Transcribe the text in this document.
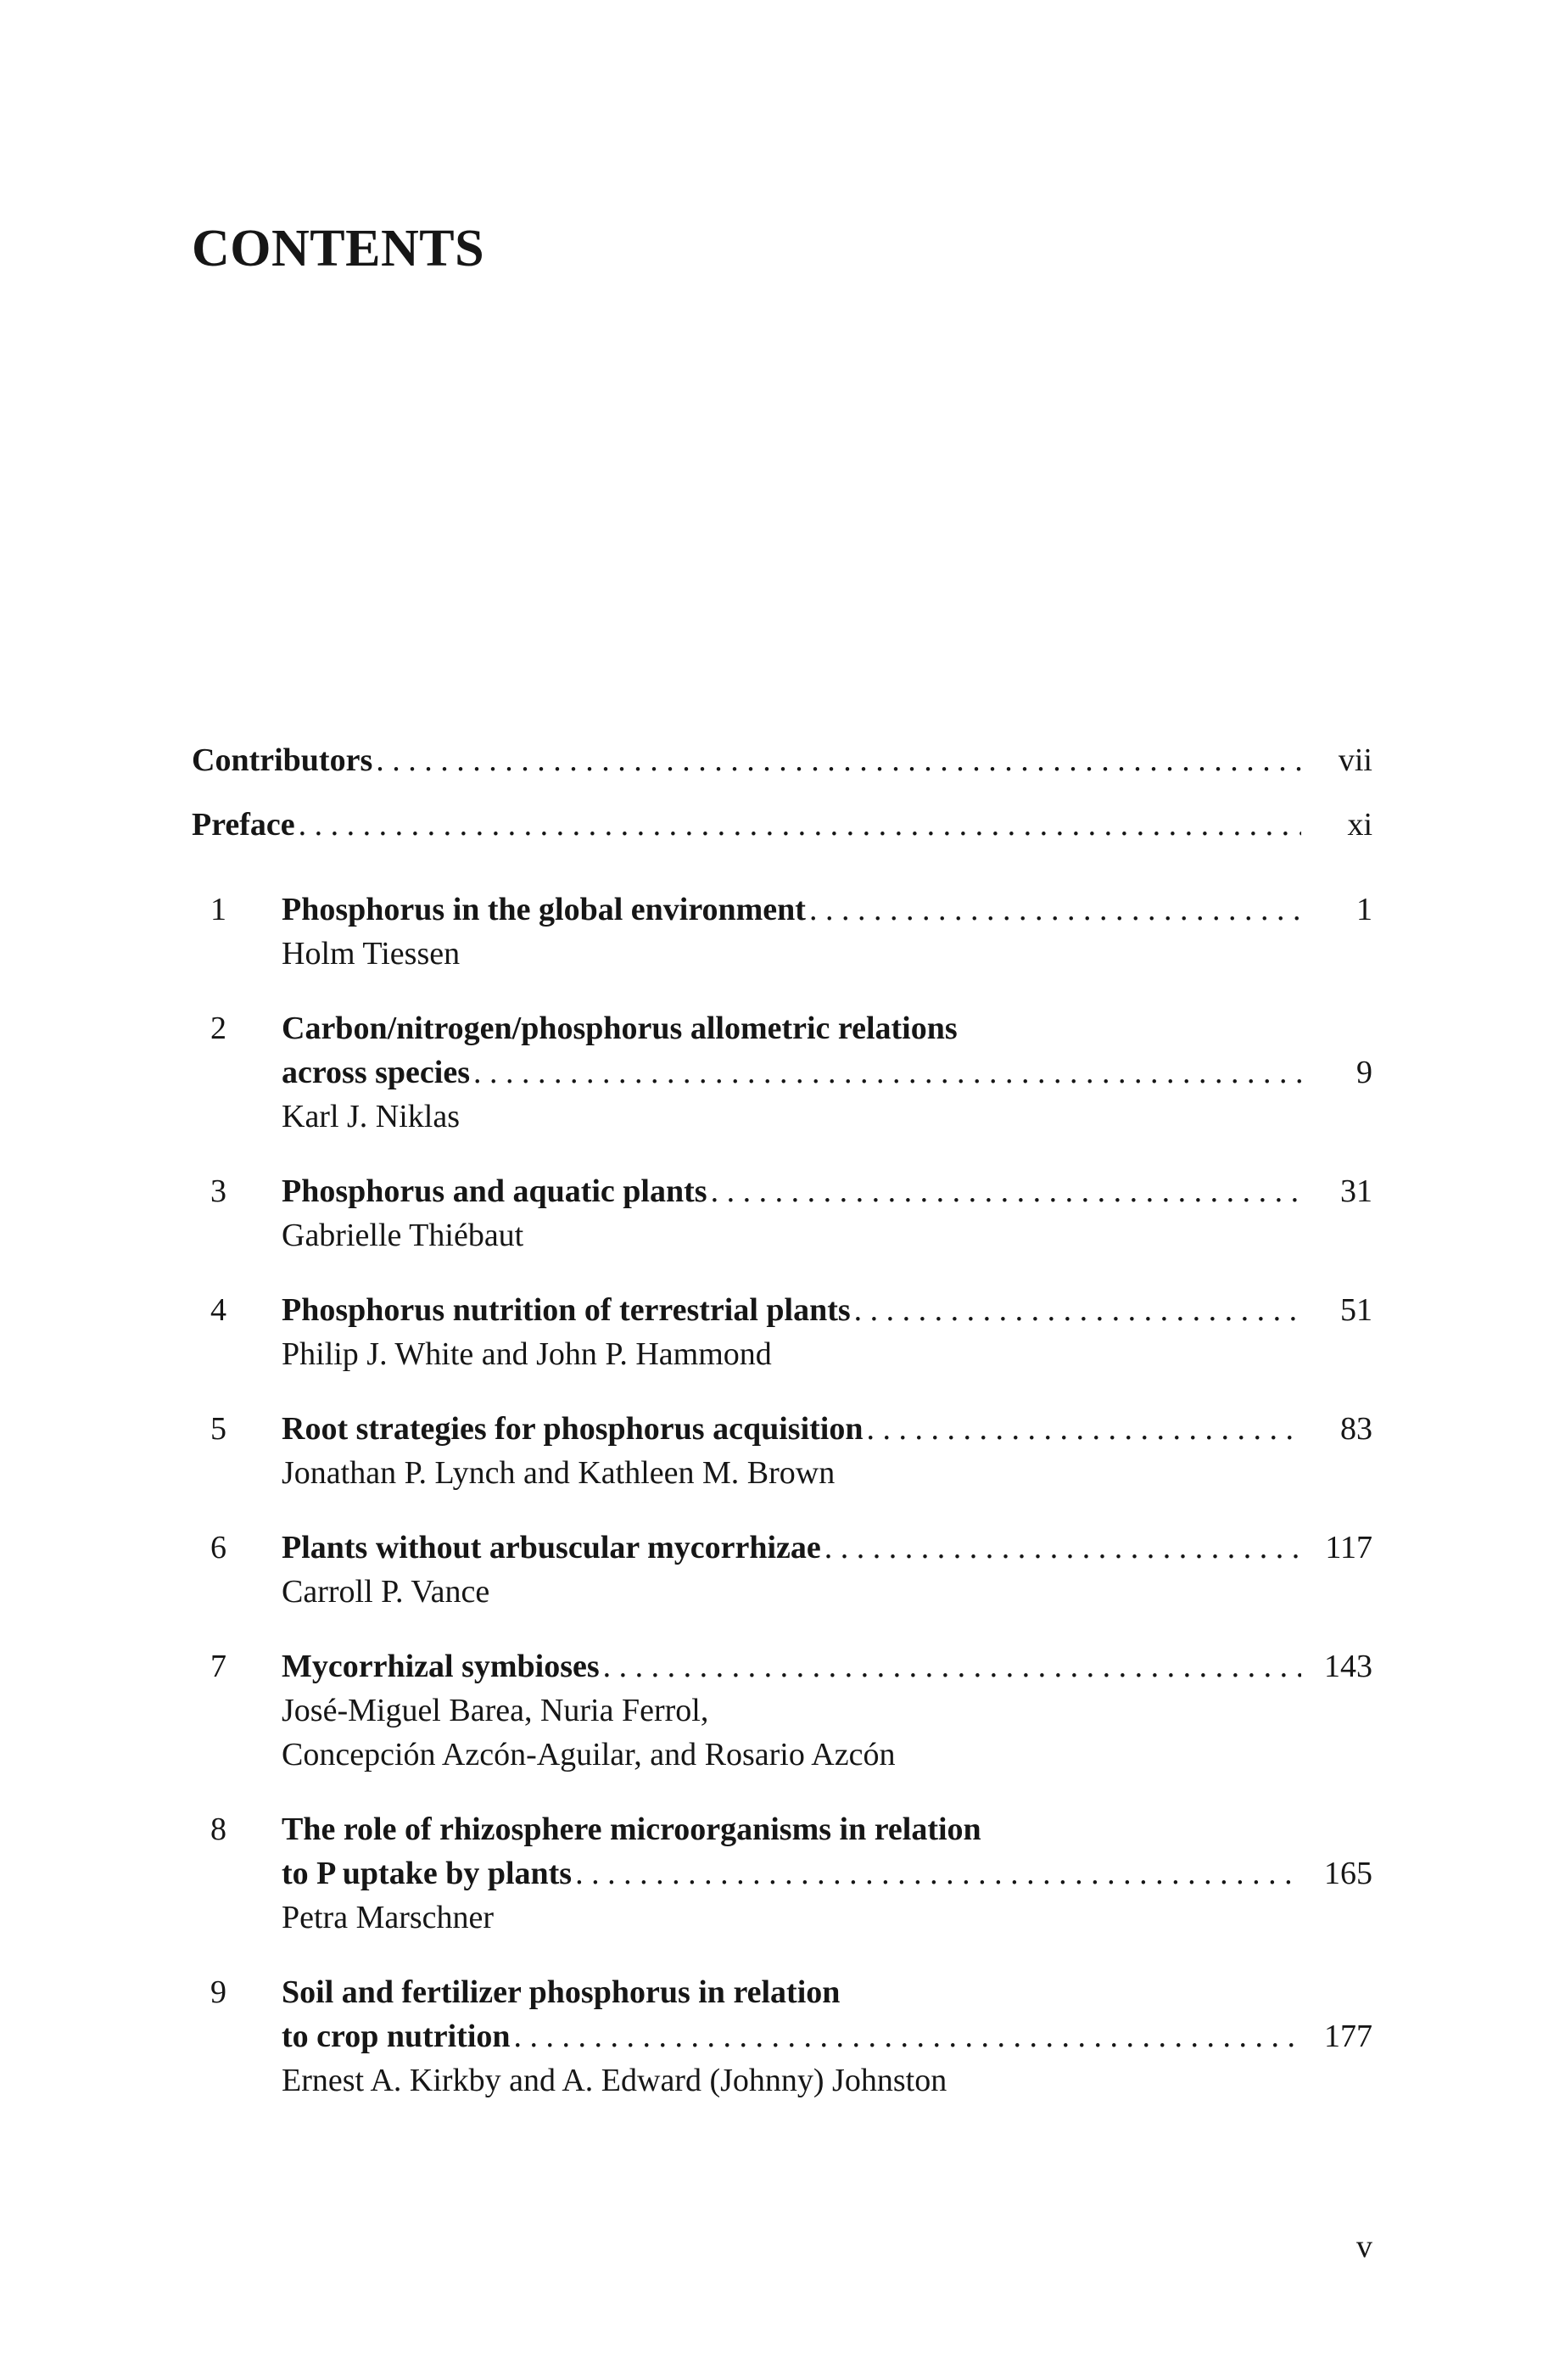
CONTENTS
Contributors . . .	vii
Preface . . .	xi
1	Phosphorus in the global environment . . .	1
Holm Tiessen
2	Carbon/nitrogen/phosphorus allometric relations
across species . . .	9
Karl J. Niklas
3	Phosphorus and aquatic plants . . .	31
Gabrielle Thiébaut
4	Phosphorus nutrition of terrestrial plants . . .	51
Philip J. White and John P. Hammond
5	Root strategies for phosphorus acquisition . . .	83
Jonathan P. Lynch and Kathleen M. Brown
6	Plants without arbuscular mycorrhizae . . .	117
Carroll P. Vance
7	Mycorrhizal symbioses . . .	143
José-Miguel Barea, Nuria Ferrol,
Concepción Azcón-Aguilar, and Rosario Azcón
8	The role of rhizosphere microorganisms in relation
to P uptake by plants . . .	165
Petra Marschner
9	Soil and fertilizer phosphorus in relation
to crop nutrition . . .	177
Ernest A. Kirkby and A. Edward (Johnny) Johnston
v
